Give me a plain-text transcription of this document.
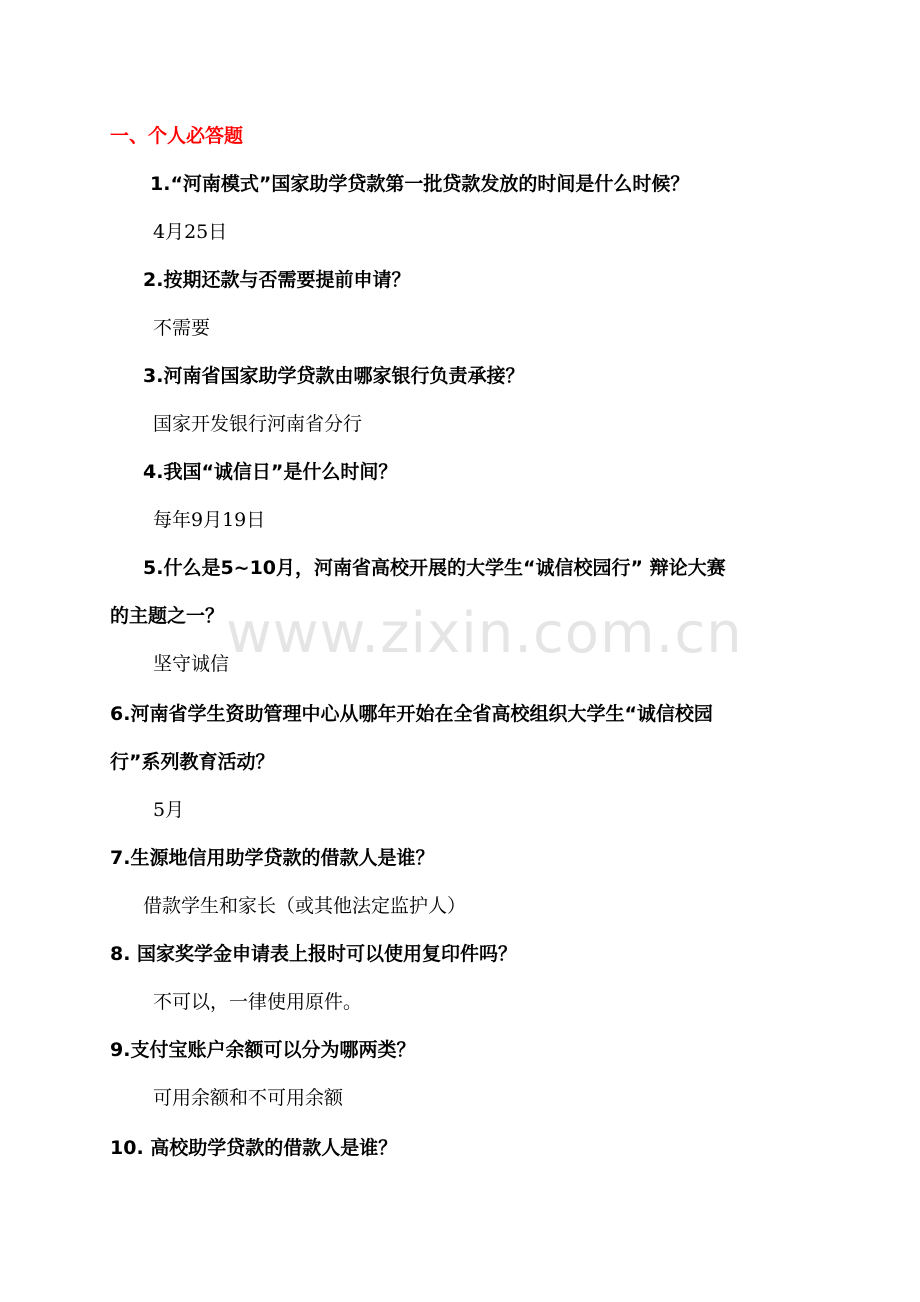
一、个人必答题
1.“河南模式”国家助学贷款第一批贷款发放的时间是什么时候？
4月25日
2.按期还款与否需要提前申请？
不需要
3.河南省国家助学贷款由哪家银行负责承接？
国家开发银行河南省分行
4.我国“诚信日”是什么时间？
每年9月19日
5.什么是5~10月，河南省高校开展的大学生“诚信校园行” 辩论大赛
的主题之一？
坚守诚信
6.河南省学生资助管理中心从哪年开始在全省高校组织大学生“诚信校园
行”系列教育活动？
5月
7.生源地信用助学贷款的借款人是谁？
借款学生和家长（或其他法定监护人）
8. 国家奖学金申请表上报时可以使用复印件吗？
不可以，一律使用原件。
9.支付宝账户余额可以分为哪两类？
可用余额和不可用余额
10. 高校助学贷款的借款人是谁？
www.zixin.com.cn
